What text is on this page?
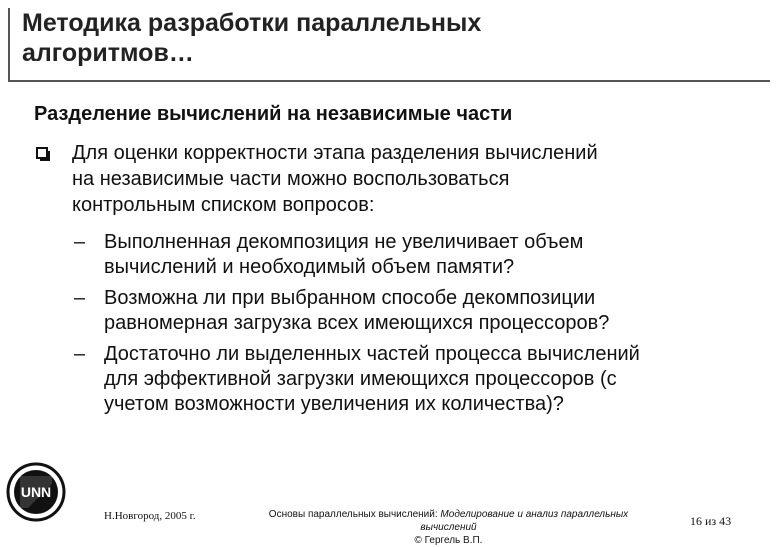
Методика разработки параллельных
алгоритмов…
Разделение вычислений на независимые части
Для оценки корректности этапа разделения вычислений
на независимые части можно воспользоваться
контрольным списком вопросов:
– Выполненная декомпозиция не увеличивает объем
вычислений и необходимый объем памяти?
– Возможна ли при выбранном способе декомпозиции
равномерная загрузка всех имеющихся процессоров?
– Достаточно ли выделенных частей процесса вычислений
для эффективной загрузки имеющихся процессоров (с
учетом возможности увеличения их количества)?
UNN
Н.Новгород, 2005 г.	Основы параллельных вычислений: Моделирование и анализ параллельных вычислений
© Гергель В.П.
16 из 43
